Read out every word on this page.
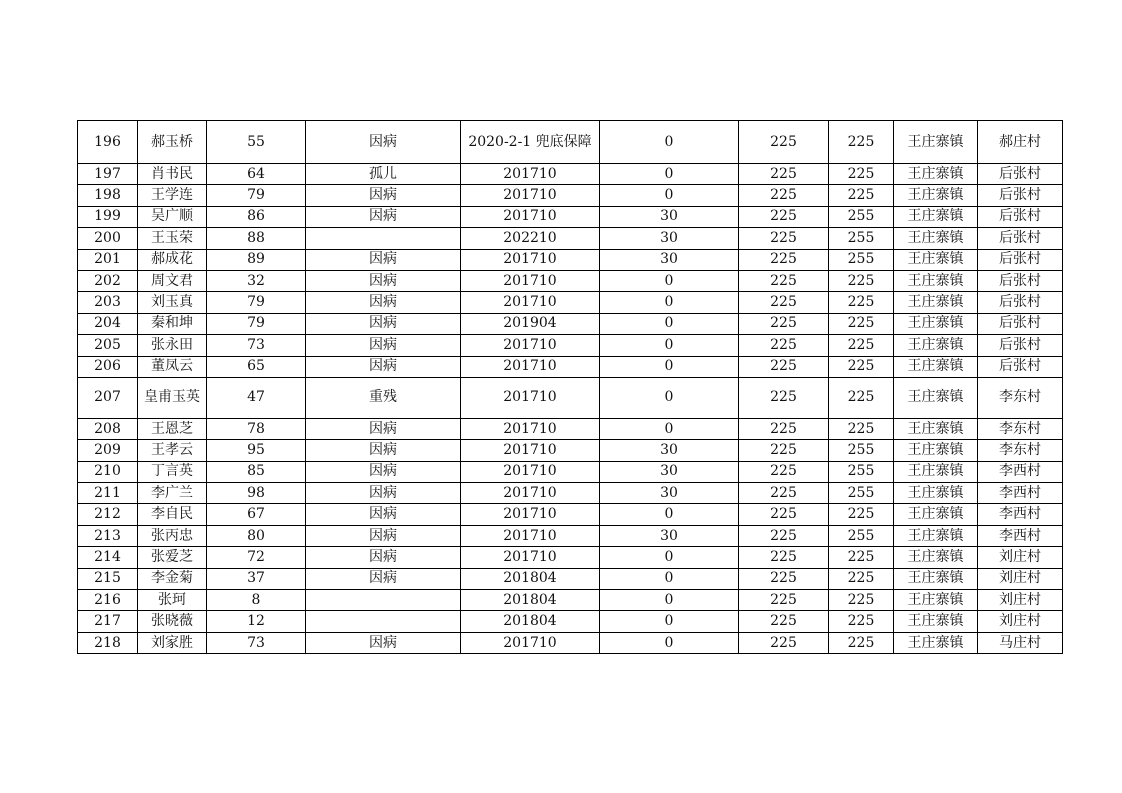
196	郝玉桥	55	因病	2020-2-1 兜底保障	0	225	225	王庄寨镇	郝庄村
197	肖书民	64	孤儿	201710	0	225	225	王庄寨镇	后张村
198	王学连	79	因病	201710	0	225	225	王庄寨镇	后张村
199	吴广顺	86	因病	201710	30	225	255	王庄寨镇	后张村
200	王玉荣	88		202210	30	225	255	王庄寨镇	后张村
201	郝成花	89	因病	201710	30	225	255	王庄寨镇	后张村
202	周文君	32	因病	201710	0	225	225	王庄寨镇	后张村
203	刘玉真	79	因病	201710	0	225	225	王庄寨镇	后张村
204	秦和坤	79	因病	201904	0	225	225	王庄寨镇	后张村
205	张永田	73	因病	201710	0	225	225	王庄寨镇	后张村
206	董凤云	65	因病	201710	0	225	225	王庄寨镇	后张村
207	皇甫玉英	47	重残	201710	0	225	225	王庄寨镇	李东村
208	王恩芝	78	因病	201710	0	225	225	王庄寨镇	李东村
209	王孝云	95	因病	201710	30	225	255	王庄寨镇	李东村
210	丁言英	85	因病	201710	30	225	255	王庄寨镇	李西村
211	李广兰	98	因病	201710	30	225	255	王庄寨镇	李西村
212	李自民	67	因病	201710	0	225	225	王庄寨镇	李西村
213	张丙忠	80	因病	201710	30	225	255	王庄寨镇	李西村
214	张爱芝	72	因病	201710	0	225	225	王庄寨镇	刘庄村
215	李金菊	37	因病	201804	0	225	225	王庄寨镇	刘庄村
216	张珂	8		201804	0	225	225	王庄寨镇	刘庄村
217	张晓薇	12		201804	0	225	225	王庄寨镇	刘庄村
218	刘家胜	73	因病	201710	0	225	225	王庄寨镇	马庄村
